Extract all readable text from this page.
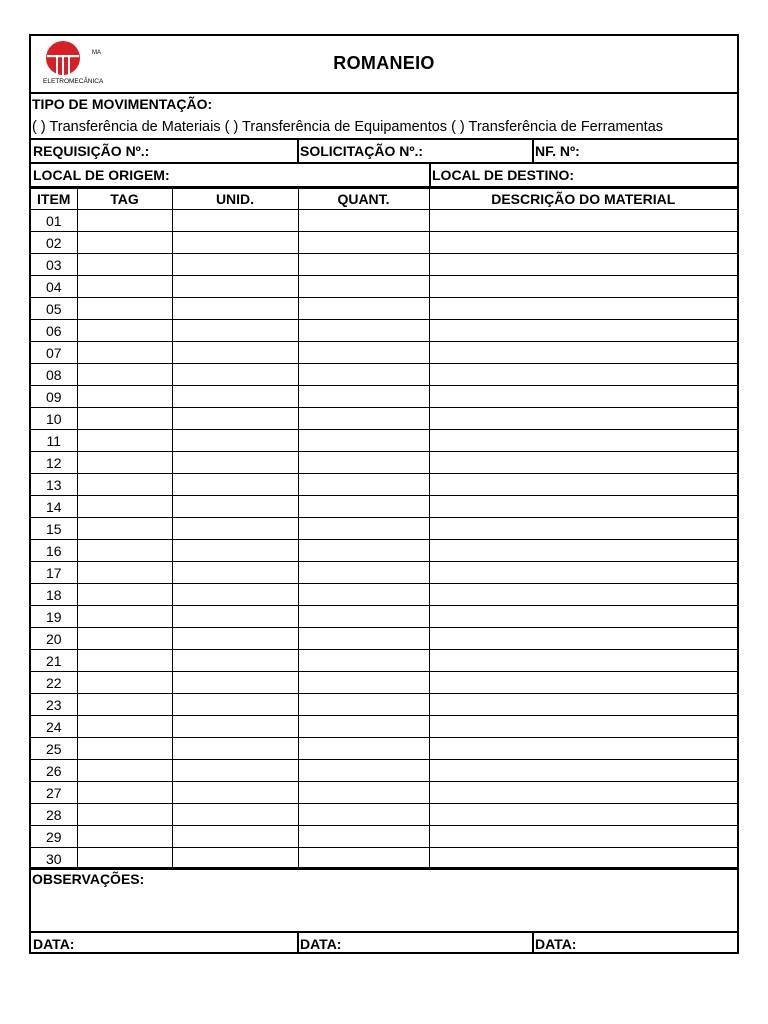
MA
ELETROMECÂNICA
ROMANEIO
TIPO DE MOVIMENTAÇÃO:
( ) Transferência de Materiais ( ) Transferência de Equipamentos ( ) Transferência de Ferramentas
REQUISIÇÃO Nº.:	SOLICITAÇÃO Nº.:	NF. Nº:
LOCAL DE ORIGEM:	LOCAL DE DESTINO:
ITEM	TAG	UNID.	QUANT.	DESCRIÇÃO DO MATERIAL
01				
02				
03				
04				
05				
06				
07				
08				
09				
10				
11				
12				
13				
14				
15				
16				
17				
18				
19				
20				
21				
22				
23				
24				
25				
26				
27				
28				
29				
30				
OBSERVAÇÕES:
DATA:	DATA:	DATA:
